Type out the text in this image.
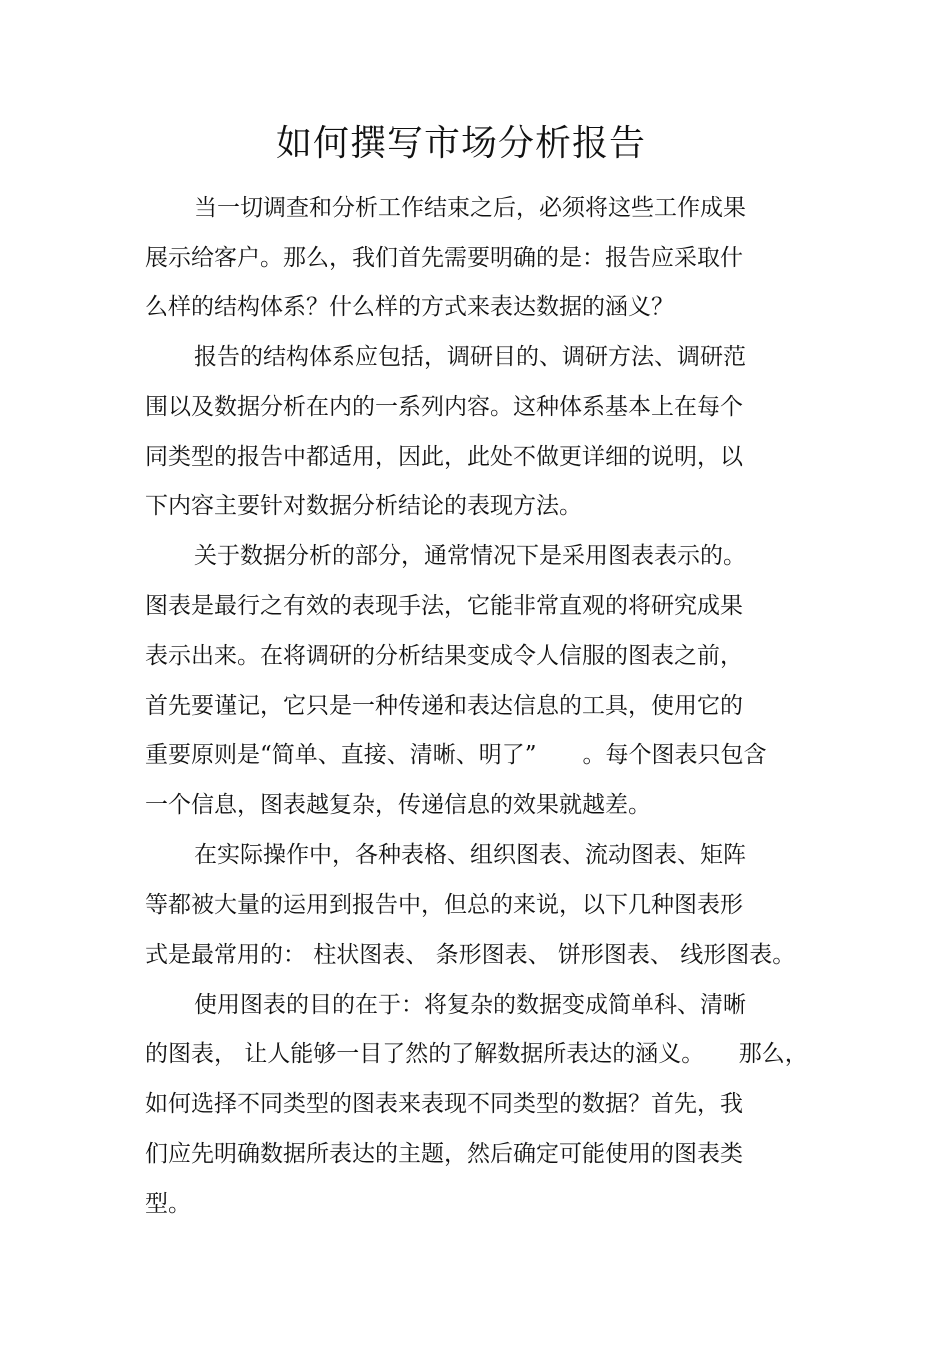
如何撰写市场分析报告

当一切调查和分析工作结束之后，必须将这些工作成果

展示给客户。那么，我们首先需要明确的是：报告应采取什

么样的结构体系？什么样的方式来表达数据的涵义？

报告的结构体系应包括，调研目的、调研方法、调研范

围以及数据分析在内的一系列内容。这种体系基本上在每个

同类型的报告中都适用，因此，此处不做更详细的说明，以

下内容主要针对数据分析结论的表现方法。

关于数据分析的部分，通常情况下是采用图表表示的。

图表是最行之有效的表现手法，它能非常直观的将研究成果

表示出来。在将调研的分析结果变成令人信服的图表之前，

首先要谨记，它只是一种传递和表达信息的工具，使用它的

重要原则是“简单、直接、清晰、明了”　　。每个图表只包含

一个信息，图表越复杂，传递信息的效果就越差。

在实际操作中，各种表格、组织图表、流动图表、矩阵

等都被大量的运用到报告中，但总的来说，以下几种图表形

式是最常用的： 柱状图表、 条形图表、 饼形图表、 线形图表。

使用图表的目的在于：将复杂的数据变成简单科、清晰

的图表， 让人能够一目了然的了解数据所表达的涵义。　　那么，

如何选择不同类型的图表来表现不同类型的数据？首先，我

们应先明确数据所表达的主题，然后确定可能使用的图表类

型。
